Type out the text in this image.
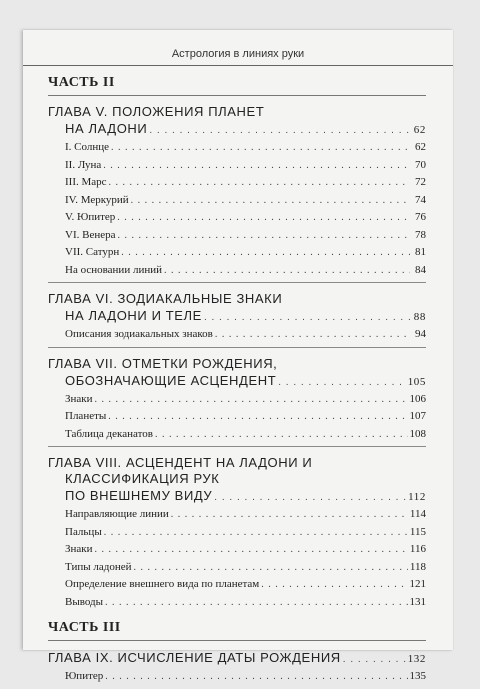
Астрология в линиях руки
ЧАСТЬ II
ГЛАВА V. ПОЛОЖЕНИЯ ПЛАНЕТ
НА ЛАДОНИ . . .	62
I. Солнце . . .	62
II. Луна . . .	70
III. Марс . . .	72
IV. Меркурий . . .	74
V. Юпитер . . .	76
VI. Венера . . .	78
VII. Сатурн . . .	81
На основании линий . . .	84
ГЛАВА VI. ЗОДИАКАЛЬНЫЕ ЗНАКИ
НА ЛАДОНИ И ТЕЛЕ . . .	88
Описания зодиакальных знаков . . .	94
ГЛАВА VII. ОТМЕТКИ РОЖДЕНИЯ,
ОБОЗНАЧАЮЩИЕ АСЦЕНДЕНТ . . .	105
Знаки . . .	106
Планеты . . .	107
Таблица деканатов . . .	108
ГЛАВА VIII. АСЦЕНДЕНТ НА ЛАДОНИ И
КЛАССИФИКАЦИЯ РУК
ПО ВНЕШНЕМУ ВИДУ . . .	112
Направляющие линии . . .	114
Пальцы . . .	115
Знаки . . .	116
Типы ладоней . . .	118
Определение внешнего вида по планетам . . .	121
Выводы . . .	131
ЧАСТЬ III
ГЛАВА IX. ИСЧИСЛЕНИЕ ДАТЫ РОЖДЕНИЯ . . .	132
Юпитер . . .	135
